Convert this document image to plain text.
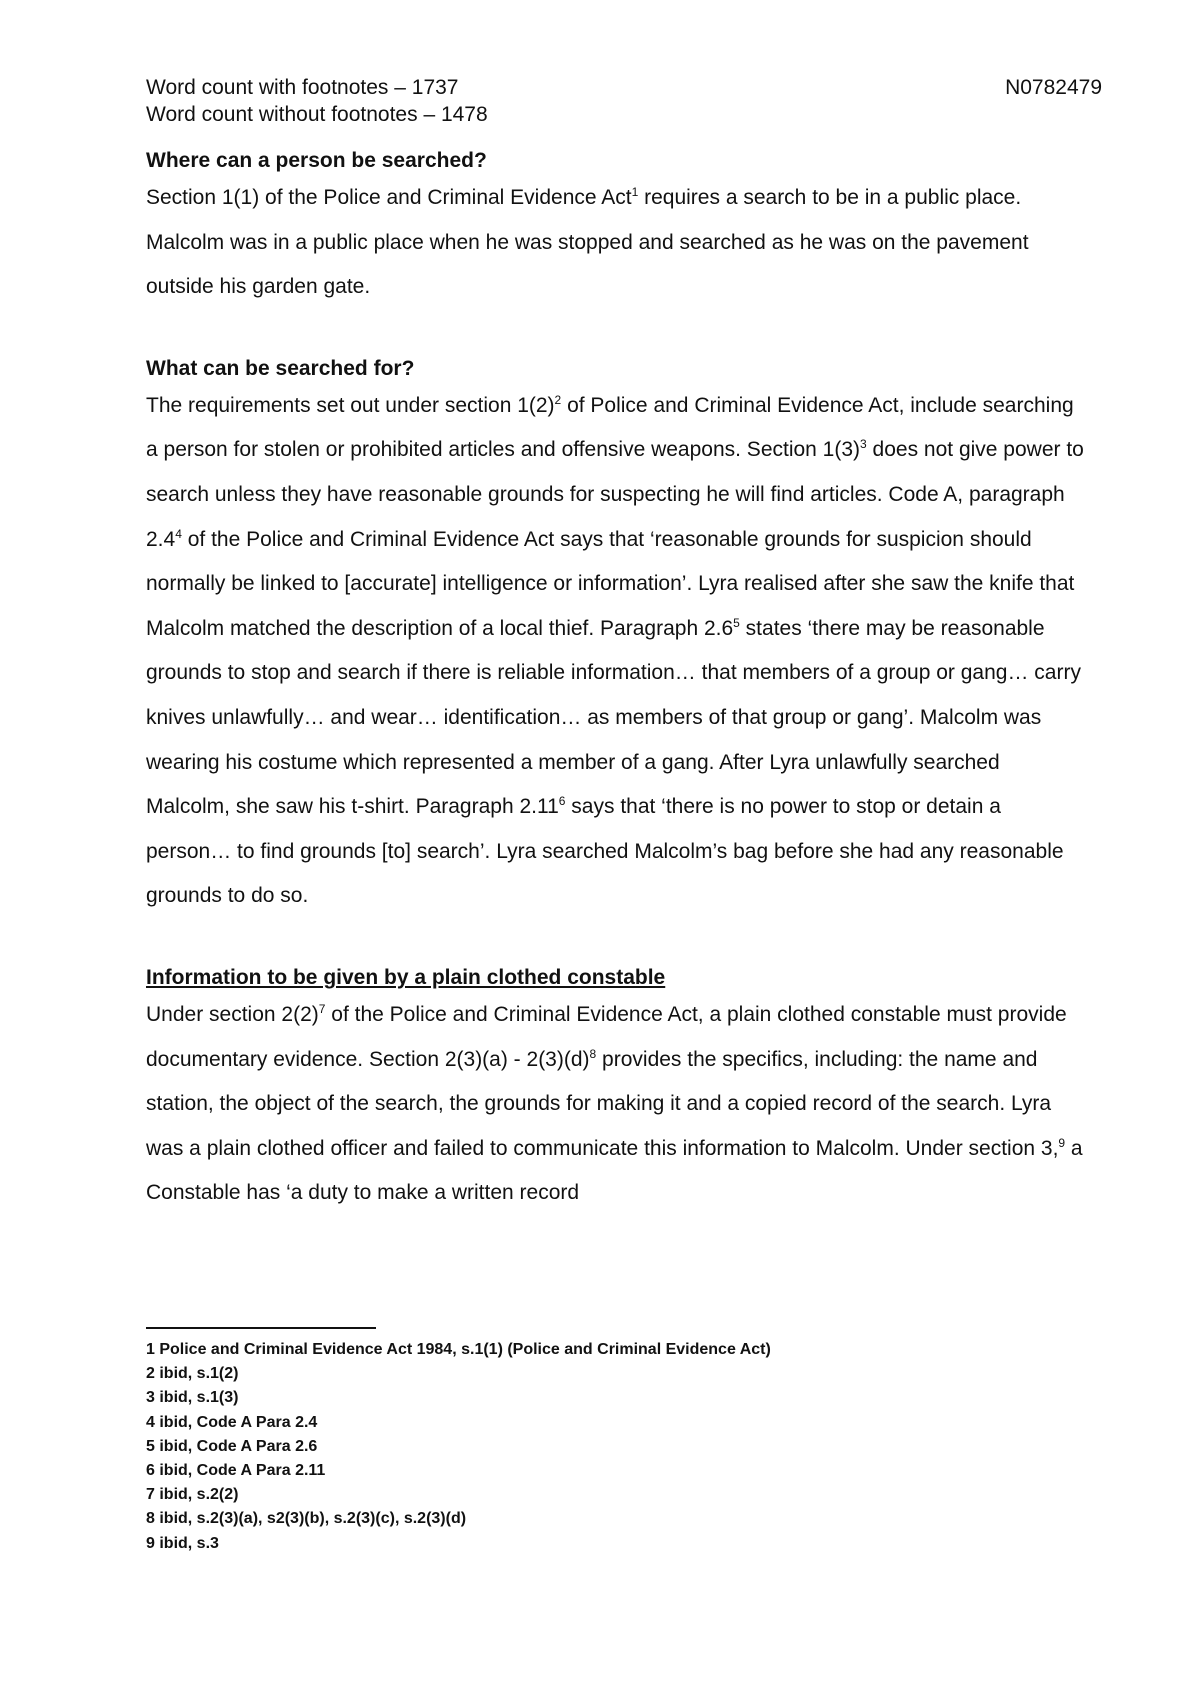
Word count with footnotes – 1737	N0782479
Word count without footnotes – 1478
Where can a person be searched?

Section 1(1) of the Police and Criminal Evidence Act$^1$ requires a search to be in a public place. Malcolm was in a public place when he was stopped and searched as he was on the pavement outside his garden gate.

What can be searched for?

The requirements set out under section $1(2)^2$ of Police and Criminal Evidence Act, include searching a person for stolen or prohibited articles and offensive weapons. Section $1(3)^3$ does not give power to search unless they have reasonable grounds for suspecting he will find articles. Code A, paragraph $2.4^4$ of the Police and Criminal Evidence Act says that ‘reasonable grounds for suspicion should normally be linked to [accurate] intelligence or information’. Lyra realised after she saw the knife that Malcolm matched the description of a local thief. Paragraph $2.6^5$ states ‘there may be reasonable grounds to stop and search if there is reliable information… that members of a group or gang… carry knives unlawfully… and wear… identification… as members of that group or gang’. Malcolm was wearing his costume which represented a member of a gang. After Lyra unlawfully searched Malcolm, she saw his t-shirt. Paragraph 2.11$^6$ says that ‘there is no power to stop or detain a person… to find grounds [to] search’. Lyra searched Malcolm’s bag before she had any reasonable grounds to do so.

Information to be given by a plain clothed constable

Under section $2(2)^7$ of the Police and Criminal Evidence Act, a plain clothed constable must provide documentary evidence. Section $2(3)(a) - 2(3)(d)^8$ provides the specifics, including: the name and station, the object of the search, the grounds for making it and a copied record of the search. Lyra was a plain clothed officer and failed to communicate this information to Malcolm. Under section 3,$^9$ a Constable has ‘a duty to make a written record

1 Police and Criminal Evidence Act 1984, s.1(1) (Police and Criminal Evidence Act)
2 ibid, s.1(2)
3 ibid, s.1(3)
4 ibid, Code A Para 2.4
5 ibid, Code A Para 2.6
6 ibid, Code A Para 2.11
7 ibid, s.2(2)
8 ibid, s.2(3)(a), s2(3)(b), s.2(3)(c), s.2(3)(d)
9 ibid, s.3
